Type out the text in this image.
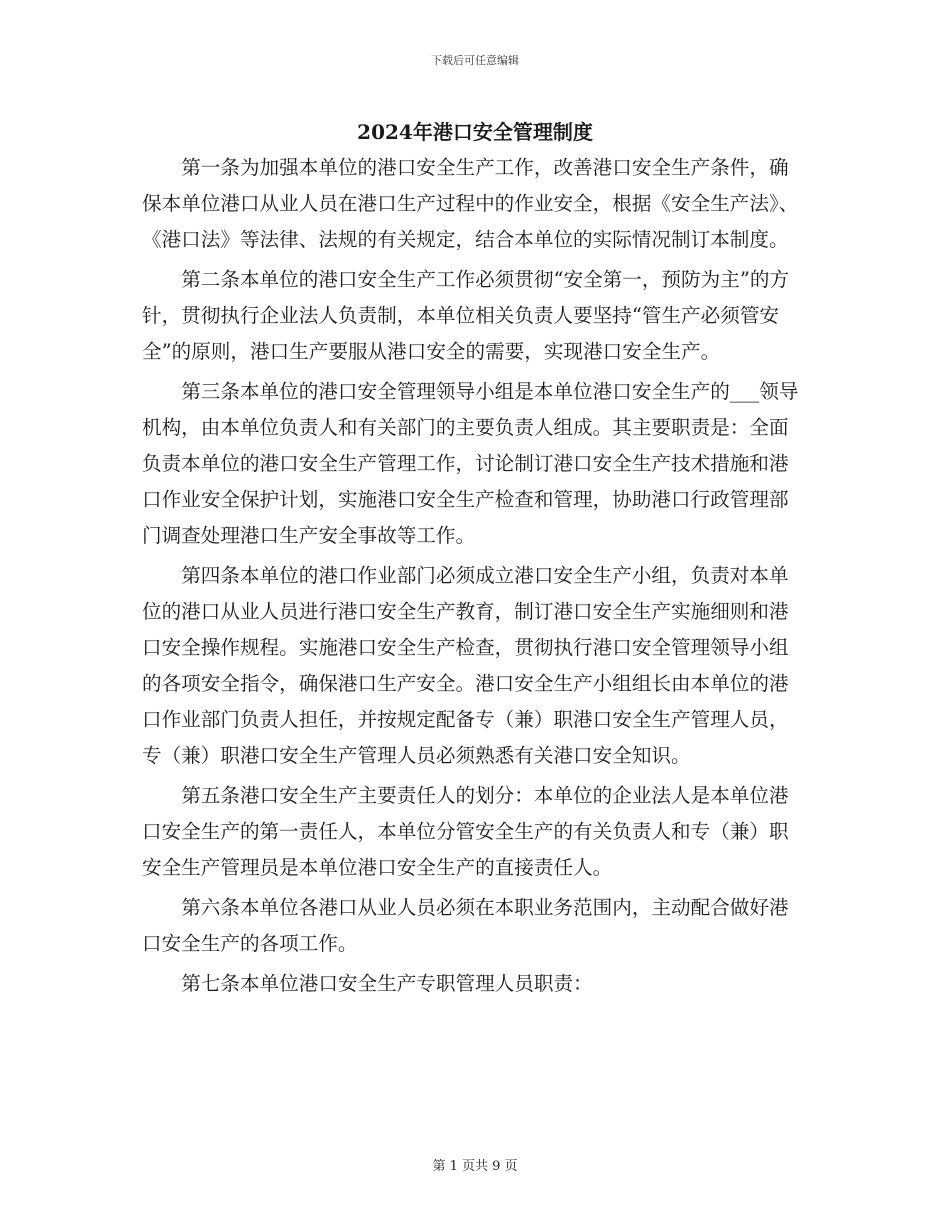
下载后可任意编辑
2024年港口安全管理制度

第一条为加强本单位的港口安全生产工作，改善港口安全生产条件，确保本单位港口从业人员在港口生产过程中的作业安全，根据《安全生产法》、《港口法》等法律、法规的有关规定，结合本单位的实际情况制订本制度。

第二条本单位的港口安全生产工作必须贯彻“安全第一，预防为主”的方针，贯彻执行企业法人负责制，本单位相关负责人要坚持“管生产必须管安全”的原则，港口生产要服从港口安全的需要，实现港口安全生产。

第三条本单位的港口安全管理领导小组是本单位港口安全生产的___领导机构，由本单位负责人和有关部门的主要负责人组成。其主要职责是：全面负责本单位的港口安全生产管理工作，讨论制订港口安全生产技术措施和港口作业安全保护计划，实施港口安全生产检查和管理，协助港口行政管理部门调查处理港口生产安全事故等工作。

第四条本单位的港口作业部门必须成立港口安全生产小组，负责对本单位的港口从业人员进行港口安全生产教育，制订港口安全生产实施细则和港口安全操作规程。实施港口安全生产检查，贯彻执行港口安全管理领导小组的各项安全指令，确保港口生产安全。港口安全生产小组组长由本单位的港口作业部门负责人担任，并按规定配备专（兼）职港口安全生产管理人员，专（兼）职港口安全生产管理人员必须熟悉有关港口安全知识。

第五条港口安全生产主要责任人的划分：本单位的企业法人是本单位港口安全生产的第一责任人，本单位分管安全生产的有关负责人和专（兼）职安全生产管理员是本单位港口安全生产的直接责任人。

第六条本单位各港口从业人员必须在本职业务范围内，主动配合做好港口安全生产的各项工作。

第七条本单位港口安全生产专职管理人员职责：

第 1 页共 9 页
